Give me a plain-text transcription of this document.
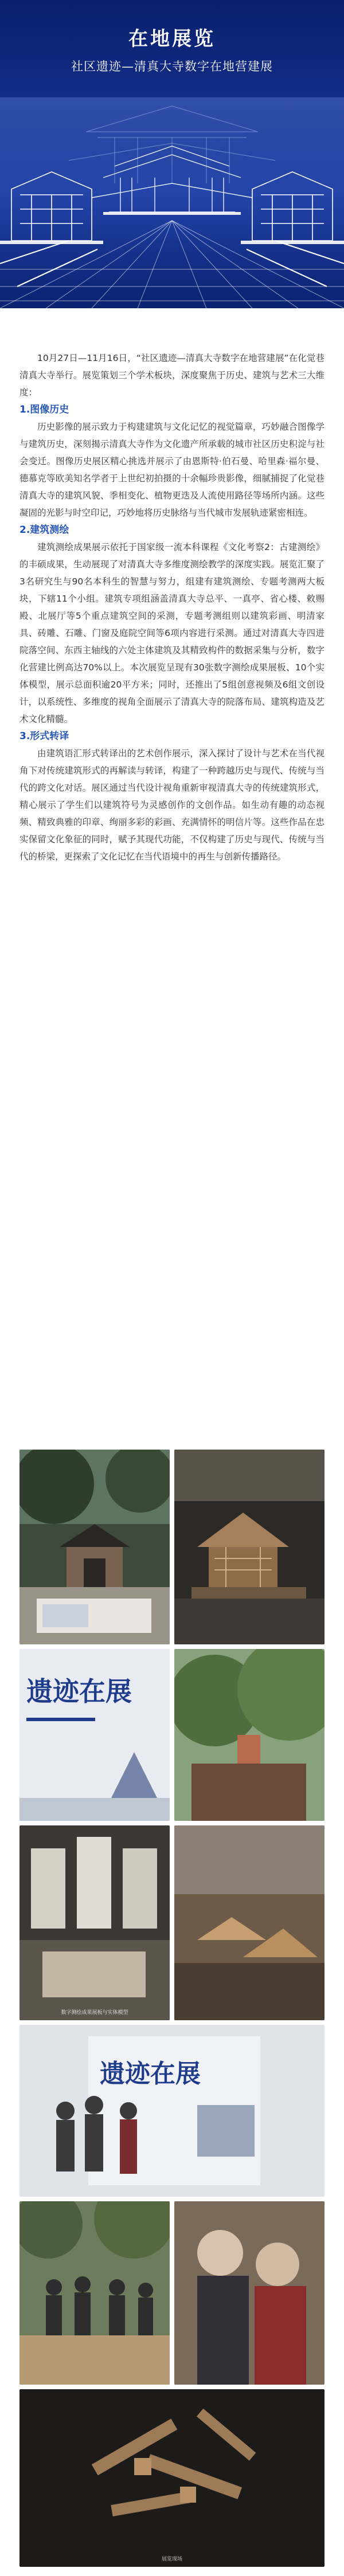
在地展览
社区遗迹—清真大寺数字在地营建展

10月27日—11月16日，“社区遗迹—清真大寺数字在地营建展”在化觉巷清真大寺举行。展览策划三个学术板块，深度聚焦于历史、建筑与艺术三大维度：

1.图像历史

历史影像的展示致力于构建建筑与文化记忆的视觉篇章，巧妙融合图像学与建筑历史，深刻揭示清真大寺作为文化遗产所承载的城市社区历史积淀与社会变迁。图像历史展区精心挑选并展示了由恩斯特·伯石曼、哈里森·福尔曼、德慕克等欧美知名学者于上世纪初拍摄的十余幅珍贵影像，细腻捕捉了化觉巷清真大寺的建筑风貌、季相变化、植物更迭及人流使用路径等场所内涵。这些凝固的光影与时空印记，巧妙地将历史脉络与当代城市发展轨迹紧密相连。

2.建筑测绘

建筑测绘成果展示依托于国家级一流本科课程《文化考察2：古建测绘》的丰硕成果，生动展现了对清真大寺多维度测绘教学的深度实践。展览汇聚了3名研究生与90名本科生的智慧与努力，组建有建筑测绘、专题考测两大板块，下辖11个小组。建筑专项组涵盖清真大寺总平、一真亭、省心楼、敕赐殿、北展厅等5个重点建筑空间的采测，专题考测组则以建筑彩画、明清家具、砖雕、石雕、门窗及庭院空间等6项内容进行采测。通过对清真大寺四进院落空间、东西主轴线的六处主体建筑及其精致构件的数据采集与分析，数字化营建比例高达70%以上。本次展览呈现有30张数字测绘成果展板、10个实体模型，展示总面积逾20平方米；同时，还推出了5组创意视频及6组文创设计，以系统性、多维度的视角全面展示了清真大寺的院落布局、建筑构造及艺术文化精髓。

3.形式转译

由建筑语汇形式转译出的艺术创作展示，深入探讨了设计与艺术在当代视角下对传统建筑形式的再解读与转译，构建了一种跨越历史与现代、传统与当代的跨文化对话。展区通过当代设计视角重新审视清真大寺的传统建筑形式，精心展示了学生们以建筑符号为灵感创作的文创作品。如生动有趣的动态视频、精致典雅的印章、绚丽多彩的彩画、充满情怀的明信片等。这些作品在忠实保留文化象征的同时，赋予其现代功能，不仅构建了历史与现代、传统与当代的桥梁，更探索了文化记忆在当代语境中的再生与创新传播路径。

遗迹在展
数字测绘成果展板与实体模型
遗迹在展
展览现场
